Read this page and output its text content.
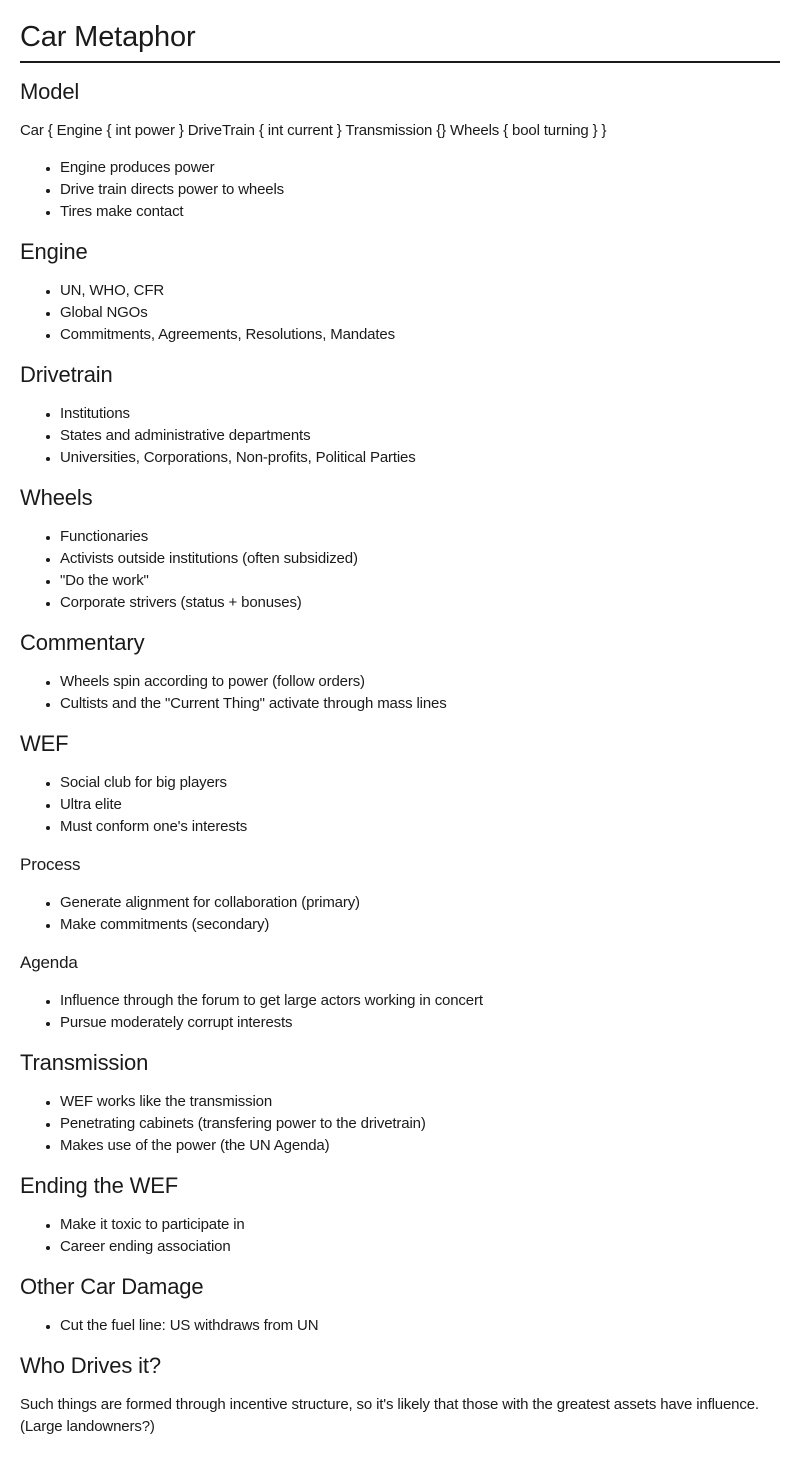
Car Metaphor
Model

Car { Engine { int power } DriveTrain { int current } Transmission {} Wheels { bool turning } }

• Engine produces power
• Drive train directs power to wheels
• Tires make contact
Engine
• UN, WHO, CFR
• Global NGOs
• Commitments, Agreements, Resolutions, Mandates
Drivetrain
• Institutions
• States and administrative departments
• Universities, Corporations, Non-profits, Political Parties
Wheels
• Functionaries
• Activists outside institutions (often subsidized)
• "Do the work"
• Corporate strivers (status + bonuses)
Commentary
• Wheels spin according to power (follow orders)
• Cultists and the "Current Thing" activate through mass lines
WEF
• Social club for big players
• Ultra elite
• Must conform one's interests
Process
• Generate alignment for collaboration (primary)
• Make commitments (secondary)
Agenda
• Influence through the forum to get large actors working in concert
• Pursue moderately corrupt interests
Transmission
• WEF works like the transmission
• Penetrating cabinets (transfering power to the drivetrain)
• Makes use of the power (the UN Agenda)
Ending the WEF
• Make it toxic to participate in
• Career ending association
Other Car Damage
• Cut the fuel line: US withdraws from UN
Who Drives it?

Such things are formed through incentive structure, so it's likely that those with the greatest assets have influence. (Large landowners?)
